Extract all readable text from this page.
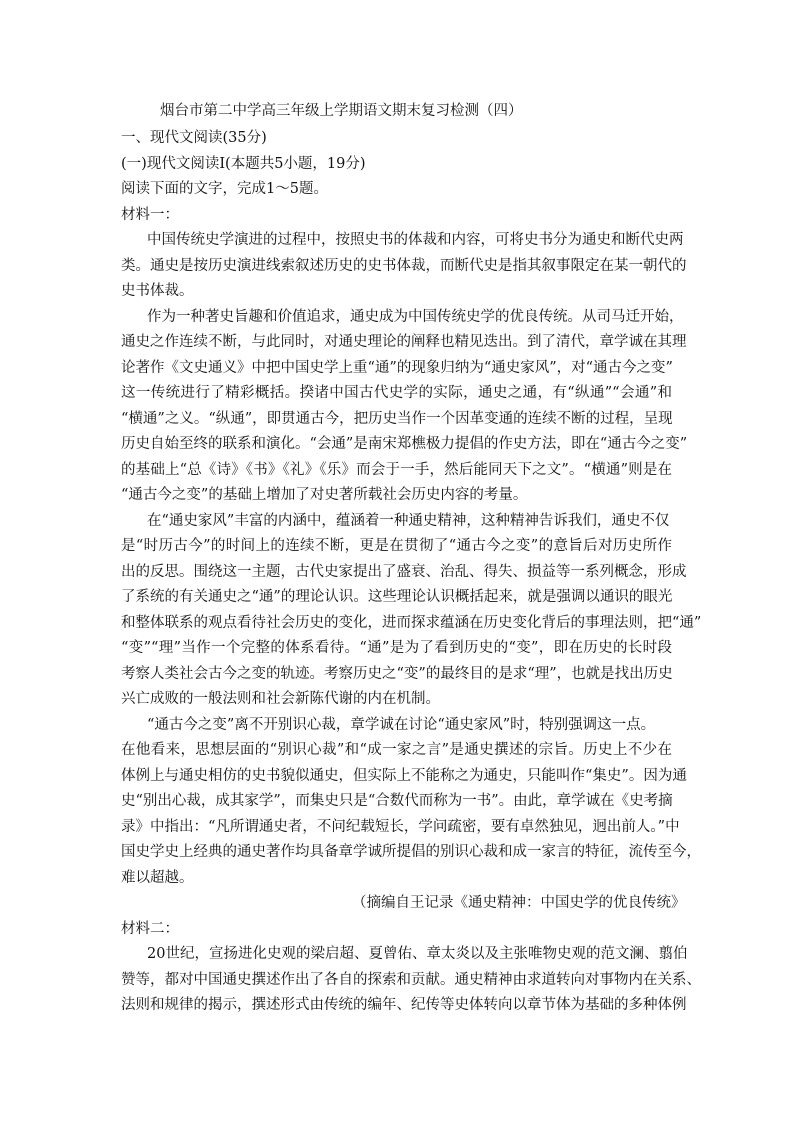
烟台市第二中学高三年级上学期语文期末复习检测（四）
一、现代文阅读(35分)
(一)现代文阅读Ⅰ(本题共5小题，19分)
阅读下面的文字，完成1～5题。
材料一：
中国传统史学演进的过程中，按照史书的体裁和内容，可将史书分为通史和断代史两
类。通史是按历史演进线索叙述历史的史书体裁，而断代史是指其叙事限定在某一朝代的
史书体裁。
作为一种著史旨趣和价值追求，通史成为中国传统史学的优良传统。从司马迁开始，
通史之作连续不断，与此同时，对通史理论的阐释也精见迭出。到了清代，章学诚在其理
论著作《文史通义》中把中国史学上重“通”的现象归纳为“通史家风”，对“通古今之变”
这一传统进行了精彩概括。揆诸中国古代史学的实际，通史之通，有“纵通”“会通”和
“横通”之义。“纵通”，即贯通古今，把历史当作一个因革变通的连续不断的过程，呈现
历史自始至终的联系和演化。“会通”是南宋郑樵极力提倡的作史方法，即在“通古今之变”
的基础上“总《诗》《书》《礼》《乐》而会于一手，然后能同天下之文”。“横通”则是在
“通古今之变”的基础上增加了对史著所载社会历史内容的考量。
在“通史家风”丰富的内涵中，蕴涵着一种通史精神，这种精神告诉我们，通史不仅
是“时历古今”的时间上的连续不断，更是在贯彻了“通古今之变”的意旨后对历史所作
出的反思。围绕这一主题，古代史家提出了盛衰、治乱、得失、损益等一系列概念，形成
了系统的有关通史之“通”的理论认识。这些理论认识概括起来，就是强调以通识的眼光
和整体联系的观点看待社会历史的变化，进而探求蕴涵在历史变化背后的事理法则，把“通”
“变”“理”当作一个完整的体系看待。“通”是为了看到历史的“变”，即在历史的长时段
考察人类社会古今之变的轨迹。考察历史之“变”的最终目的是求“理”，也就是找出历史
兴亡成败的一般法则和社会新陈代谢的内在机制。
“通古今之变”离不开别识心裁，章学诚在讨论“通史家风”时，特别强调这一点。
在他看来，思想层面的“别识心裁”和“成一家之言”是通史撰述的宗旨。历史上不少在
体例上与通史相仿的史书貌似通史，但实际上不能称之为通史，只能叫作“集史”。因为通
史“别出心裁，成其家学”，而集史只是“合数代而称为一书”。由此，章学诚在《史考摘
录》中指出：“凡所谓通史者，不问纪载短长，学问疏密，要有卓然独见，迥出前人。”中
国史学史上经典的通史著作均具备章学诚所提倡的别识心裁和成一家言的特征，流传至今，
难以超越。
（摘编自王记录《通史精神：中国史学的优良传统》
材料二：
20世纪，宣扬进化史观的梁启超、夏曾佑、章太炎以及主张唯物史观的范文澜、翦伯
赞等，都对中国通史撰述作出了各自的探索和贡献。通史精神由求道转向对事物内在关系、
法则和规律的揭示，撰述形式由传统的编年、纪传等史体转向以章节体为基础的多种体例
